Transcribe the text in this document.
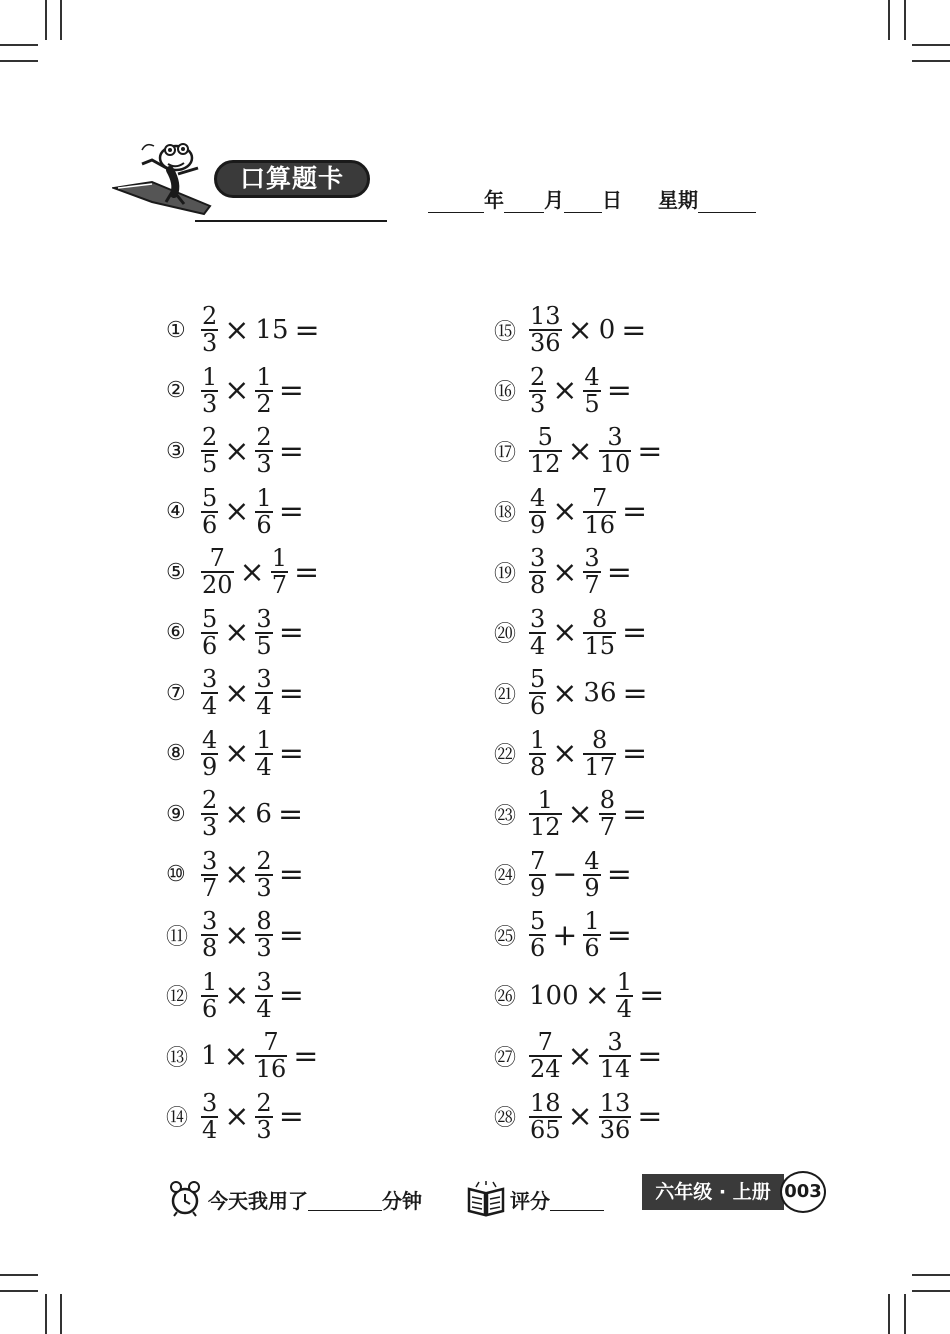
口算题卡
年 月 日 星期
① $\frac{2}{3} \times 15$ =
② $\frac{1}{3} \times \frac{1}{2}$ =
③ $\frac{2}{5} \times \frac{2}{3}$ =
④ $\frac{5}{6} \times \frac{1}{6}$ =
⑤ $\frac{7}{20} \times \frac{1}{7}$ =
⑥ $\frac{5}{6} \times \frac{3}{5}$ =
⑦ $\frac{3}{4} \times \frac{3}{4}$ =
⑧ $\frac{4}{9} \times \frac{1}{4}$ =
⑨ $\frac{2}{3} \times 6$ =
⑩ $\frac{3}{7} \times \frac{2}{3}$ =
⑪ $\frac{3}{8} \times \frac{8}{3}$ =
⑫ $\frac{1}{6} \times \frac{3}{4}$ =
⑬ $1 \times \frac{7}{16}$ =
⑭ $\frac{3}{4} \times \frac{2}{3}$ =
⑮ $\frac{13}{36} \times 0$ =
⑯ $\frac{2}{3} \times \frac{4}{5}$ =
⑰ $\frac{5}{12} \times \frac{3}{10}$ =
⑱ $\frac{4}{9} \times \frac{7}{16}$ =
⑲ $\frac{3}{8} \times \frac{3}{7}$ =
⑳ $\frac{3}{4} \times \frac{8}{15}$ =
㉑ $\frac{5}{6} \times 36$ =
㉒ $\frac{1}{8} \times \frac{8}{17}$ =
㉓ $\frac{1}{12} \times \frac{8}{7}$ =
㉔ $\frac{7}{9} - \frac{4}{9}$ =
㉕ $\frac{5}{6} + \frac{1}{6}$ =
㉖ $100 \times \frac{1}{4}$ =
㉗ $\frac{7}{24} \times \frac{3}{14}$ =
㉘ $\frac{18}{65} \times \frac{13}{36}$ =
今天我用了	分钟	评分	六年级 · 上册 003
